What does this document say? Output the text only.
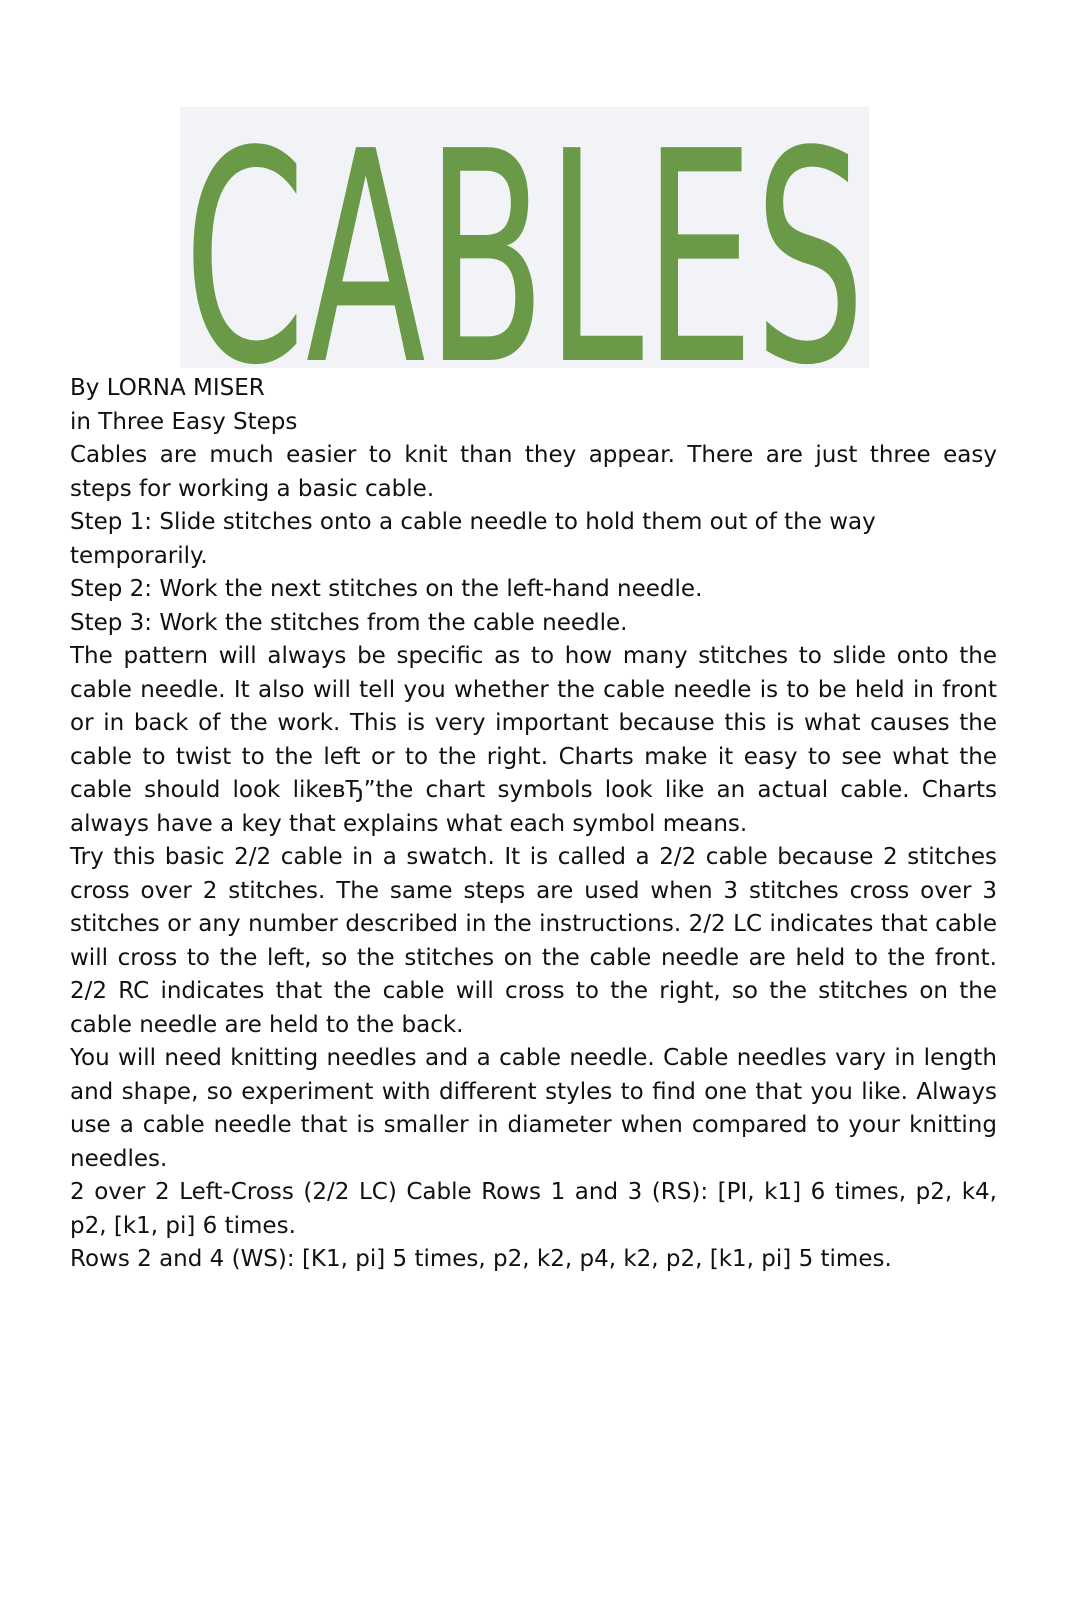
CABLES

By LORNA MISER

in Three Easy Steps

Cables are much easier to knit than they appear. There are just three easy steps for working a basic cable.

Step 1: Slide stitches onto a cable needle to hold them out of the way temporarily.

Step 2: Work the next stitches on the left-hand needle.

Step 3: Work the stitches from the cable needle.

The pattern will always be specific as to how many stitches to slide onto the cable needle. It also will tell you whether the cable needle is to be held in front or in back of the work. This is very important because this is what causes the cable to twist to the left or to the right. Charts make it easy to see what the cable should look likeвЂ”the chart symbols look like an actual cable. Charts always have a key that explains what each symbol means.

Try this basic 2/2 cable in a swatch. It is called a 2/2 cable because 2 stitches cross over 2 stitches. The same steps are used when 3 stitches cross over 3 stitches or any number described in the instructions. 2/2 LC indicates that cable will cross to the left, so the stitches on the cable needle are held to the front. 2/2 RC indicates that the cable will cross to the right, so the stitches on the cable needle are held to the back.

You will need knitting needles and a cable needle. Cable needles vary in length and shape, so experiment with different styles to find one that you like. Always use a cable needle that is smaller in diameter when compared to your knitting needles.

2 over 2 Left-Cross (2/2 LC) Cable Rows 1 and 3 (RS): [PI, k1] 6 times, p2, k4, p2, [k1, pi] 6 times.

Rows 2 and 4 (WS): [K1, pi] 5 times, p2, k2, p4, k2, p2, [k1, pi] 5 times.
